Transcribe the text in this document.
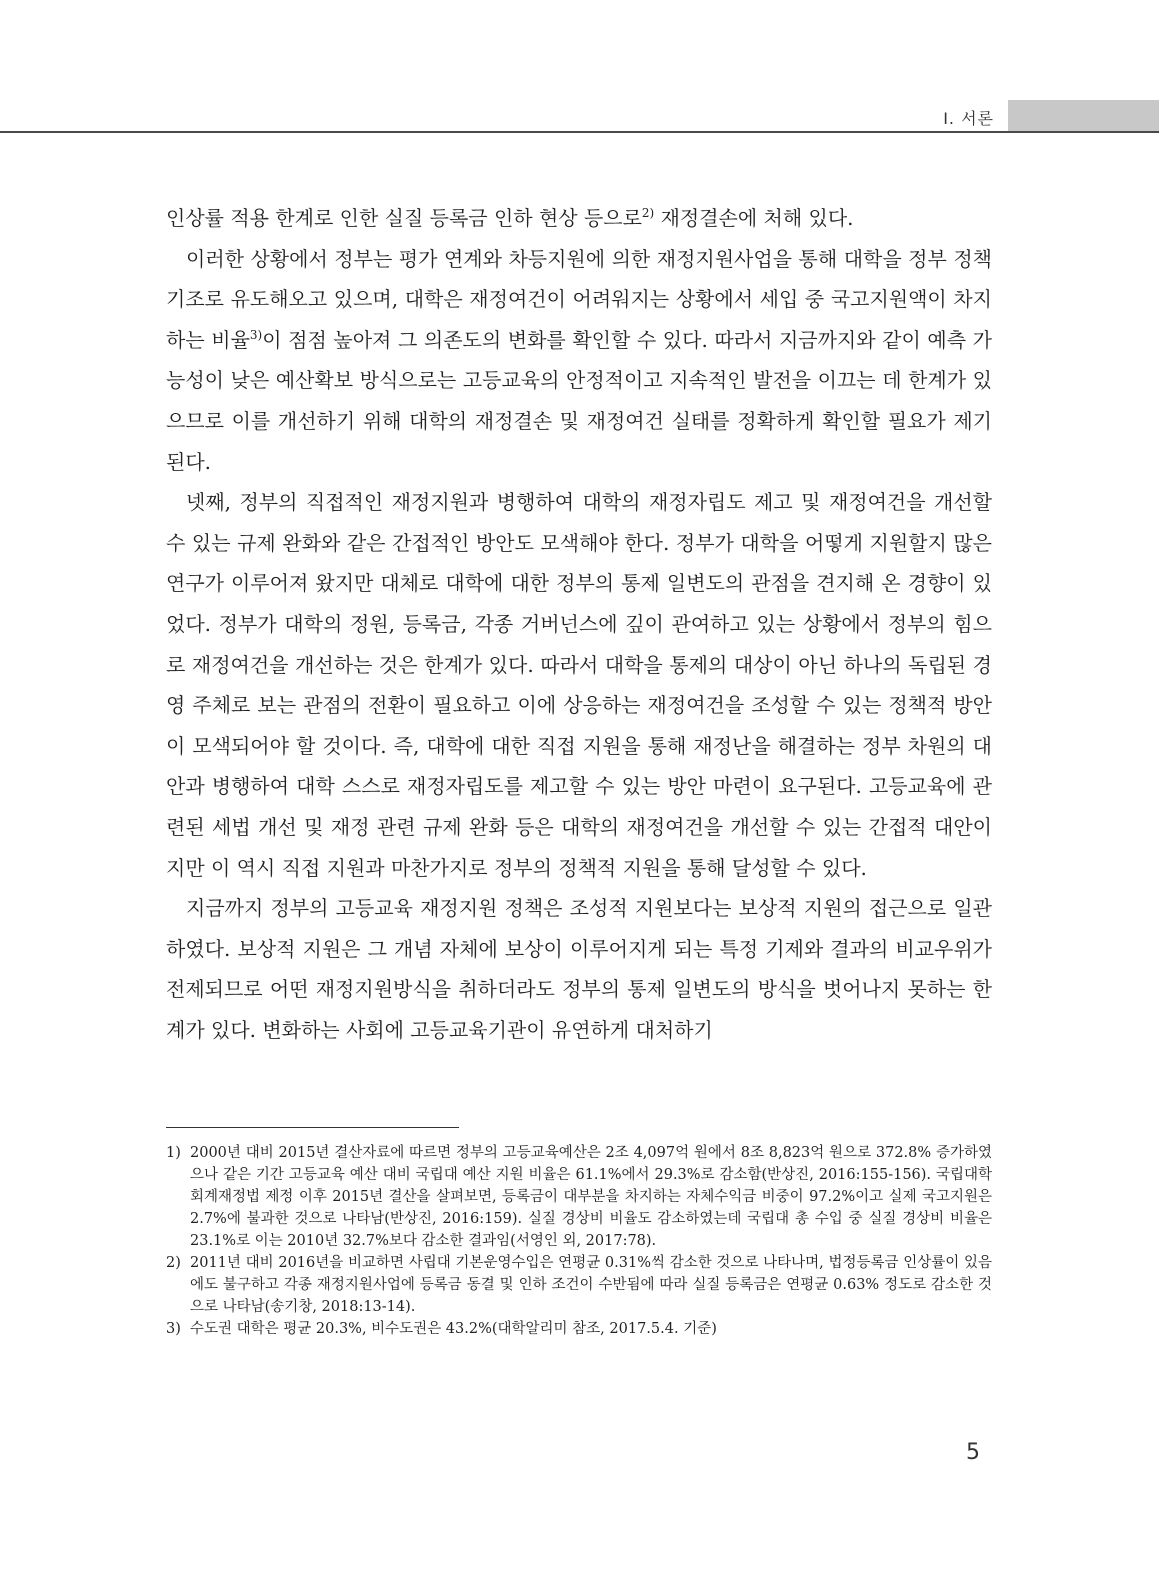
Ⅰ. 서론

인상률 적용 한계로 인한 실질 등록금 인하 현상 등으로$^{2)}$ 재정결손에 처해 있다.

이러한 상황에서 정부는 평가 연계와 차등지원에 의한 재정지원사업을 통해 대학을 정부 정책 기조로 유도해오고 있으며, 대학은 재정여건이 어려워지는 상황에서 세입 중 국고지원액이 차지하는 비율$^{3)}$이 점점 높아져 그 의존도의 변화를 확인할 수 있다. 따라서 지금까지와 같이 예측 가능성이 낮은 예산확보 방식으로는 고등교육의 안정적이고 지속적인 발전을 이끄는 데 한계가 있으므로 이를 개선하기 위해 대학의 재정결손 및 재정여건 실태를 정확하게 확인할 필요가 제기된다.

넷째, 정부의 직접적인 재정지원과 병행하여 대학의 재정자립도 제고 및 재정여건을 개선할 수 있는 규제 완화와 같은 간접적인 방안도 모색해야 한다. 정부가 대학을 어떻게 지원할지 많은 연구가 이루어져 왔지만 대체로 대학에 대한 정부의 통제 일변도의 관점을 견지해 온 경향이 있었다. 정부가 대학의 정원, 등록금, 각종 거버넌스에 깊이 관여하고 있는 상황에서 정부의 힘으로 재정여건을 개선하는 것은 한계가 있다. 따라서 대학을 통제의 대상이 아닌 하나의 독립된 경영 주체로 보는 관점의 전환이 필요하고 이에 상응하는 재정여건을 조성할 수 있는 정책적 방안이 모색되어야 할 것이다. 즉, 대학에 대한 직접 지원을 통해 재정난을 해결하는 정부 차원의 대안과 병행하여 대학 스스로 재정자립도를 제고할 수 있는 방안 마련이 요구된다. 고등교육에 관련된 세법 개선 및 재정 관련 규제 완화 등은 대학의 재정여건을 개선할 수 있는 간접적 대안이지만 이 역시 직접 지원과 마찬가지로 정부의 정책적 지원을 통해 달성할 수 있다.

지금까지 정부의 고등교육 재정지원 정책은 조성적 지원보다는 보상적 지원의 접근으로 일관하였다. 보상적 지원은 그 개념 자체에 보상이 이루어지게 되는 특정 기제와 결과의 비교우위가 전제되므로 어떤 재정지원방식을 취하더라도 정부의 통제 일변도의 방식을 벗어나지 못하는 한계가 있다. 변화하는 사회에 고등교육기관이 유연하게 대처하기

1) 2000년 대비 2015년 결산자료에 따르면 정부의 고등교육예산은 2조 4,097억 원에서 8조 8,823억 원으로 372.8% 증가하였으나 같은 기간 고등교육 예산 대비 국립대 예산 지원 비율은 61.1%에서 29.3%로 감소함(반상진, 2016:155-156). 국립대학회계재정법 제정 이후 2015년 결산을 살펴보면, 등록금이 대부분을 차지하는 자체수익금 비중이 97.2%이고 실제 국고지원은 2.7%에 불과한 것으로 나타남(반상진, 2016:159). 실질 경상비 비율도 감소하였는데 국립대 총 수입 중 실질 경상비 비율은 23.1%로 이는 2010년 32.7%보다 감소한 결과임(서영인 외, 2017:78).
2) 2011년 대비 2016년을 비교하면 사립대 기본운영수입은 연평균 0.31%씩 감소한 것으로 나타나며, 법정등록금 인상률이 있음에도 불구하고 각종 재정지원사업에 등록금 동결 및 인하 조건이 수반됨에 따라 실질 등록금은 연평균 0.63% 정도로 감소한 것으로 나타남(송기창, 2018:13-14).
3) 수도권 대학은 평균 20.3%, 비수도권은 43.2%(대학알리미 참조, 2017.5.4. 기준)
5
